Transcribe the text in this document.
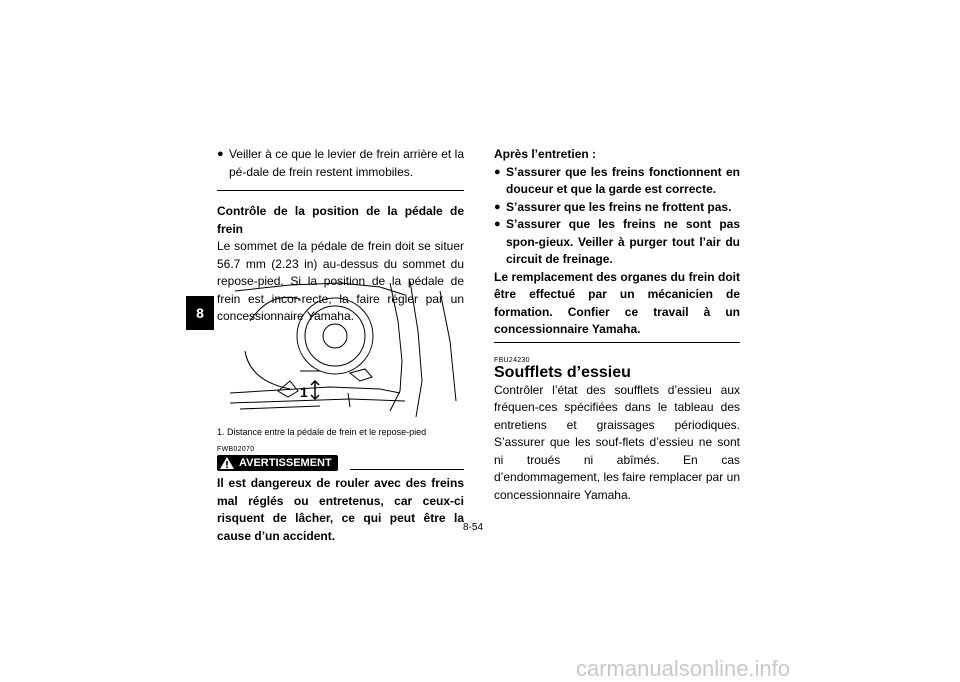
8
● Veiller à ce que le levier de frein arrière et la pé-dale de frein restent immobiles.

Contrôle de la position de la pédale de frein

Le sommet de la pédale de frein doit se situer 56.7 mm (2.23 in) au-dessus du sommet du repose-pied. Si la position de la pédale de frein est incor-recte, la faire régler par un concessionnaire Yamaha.

1
1. Distance entre la pédale de frein et le repose-pied
FWB02070
AVERTISSEMENT

Il est dangereux de rouler avec des freins mal réglés ou entretenus, car ceux-ci risquent de lâcher, ce qui peut être la cause d’un accident.

Après l’entretien :

● S’assurer que les freins fonctionnent en douceur et que la garde est correcte.
● S’assurer que les freins ne frottent pas.
● S’assurer que les freins ne sont pas spon-gieux. Veiller à purger tout l’air du circuit de freinage.

Le remplacement des organes du frein doit être effectué par un mécanicien de formation. Confier ce travail à un concessionnaire Yamaha.

FBU24230

Soufflets d’essieu

Contrôler l’état des soufflets d’essieu aux fréquen-ces spécifiées dans le tableau des entretiens et graissages périodiques. S’assurer que les souf-flets d’essieu ne sont ni troués ni abîmés. En cas d’endommagement, les faire remplacer par un concessionnaire Yamaha.

8-54
carmanualsonline.info
